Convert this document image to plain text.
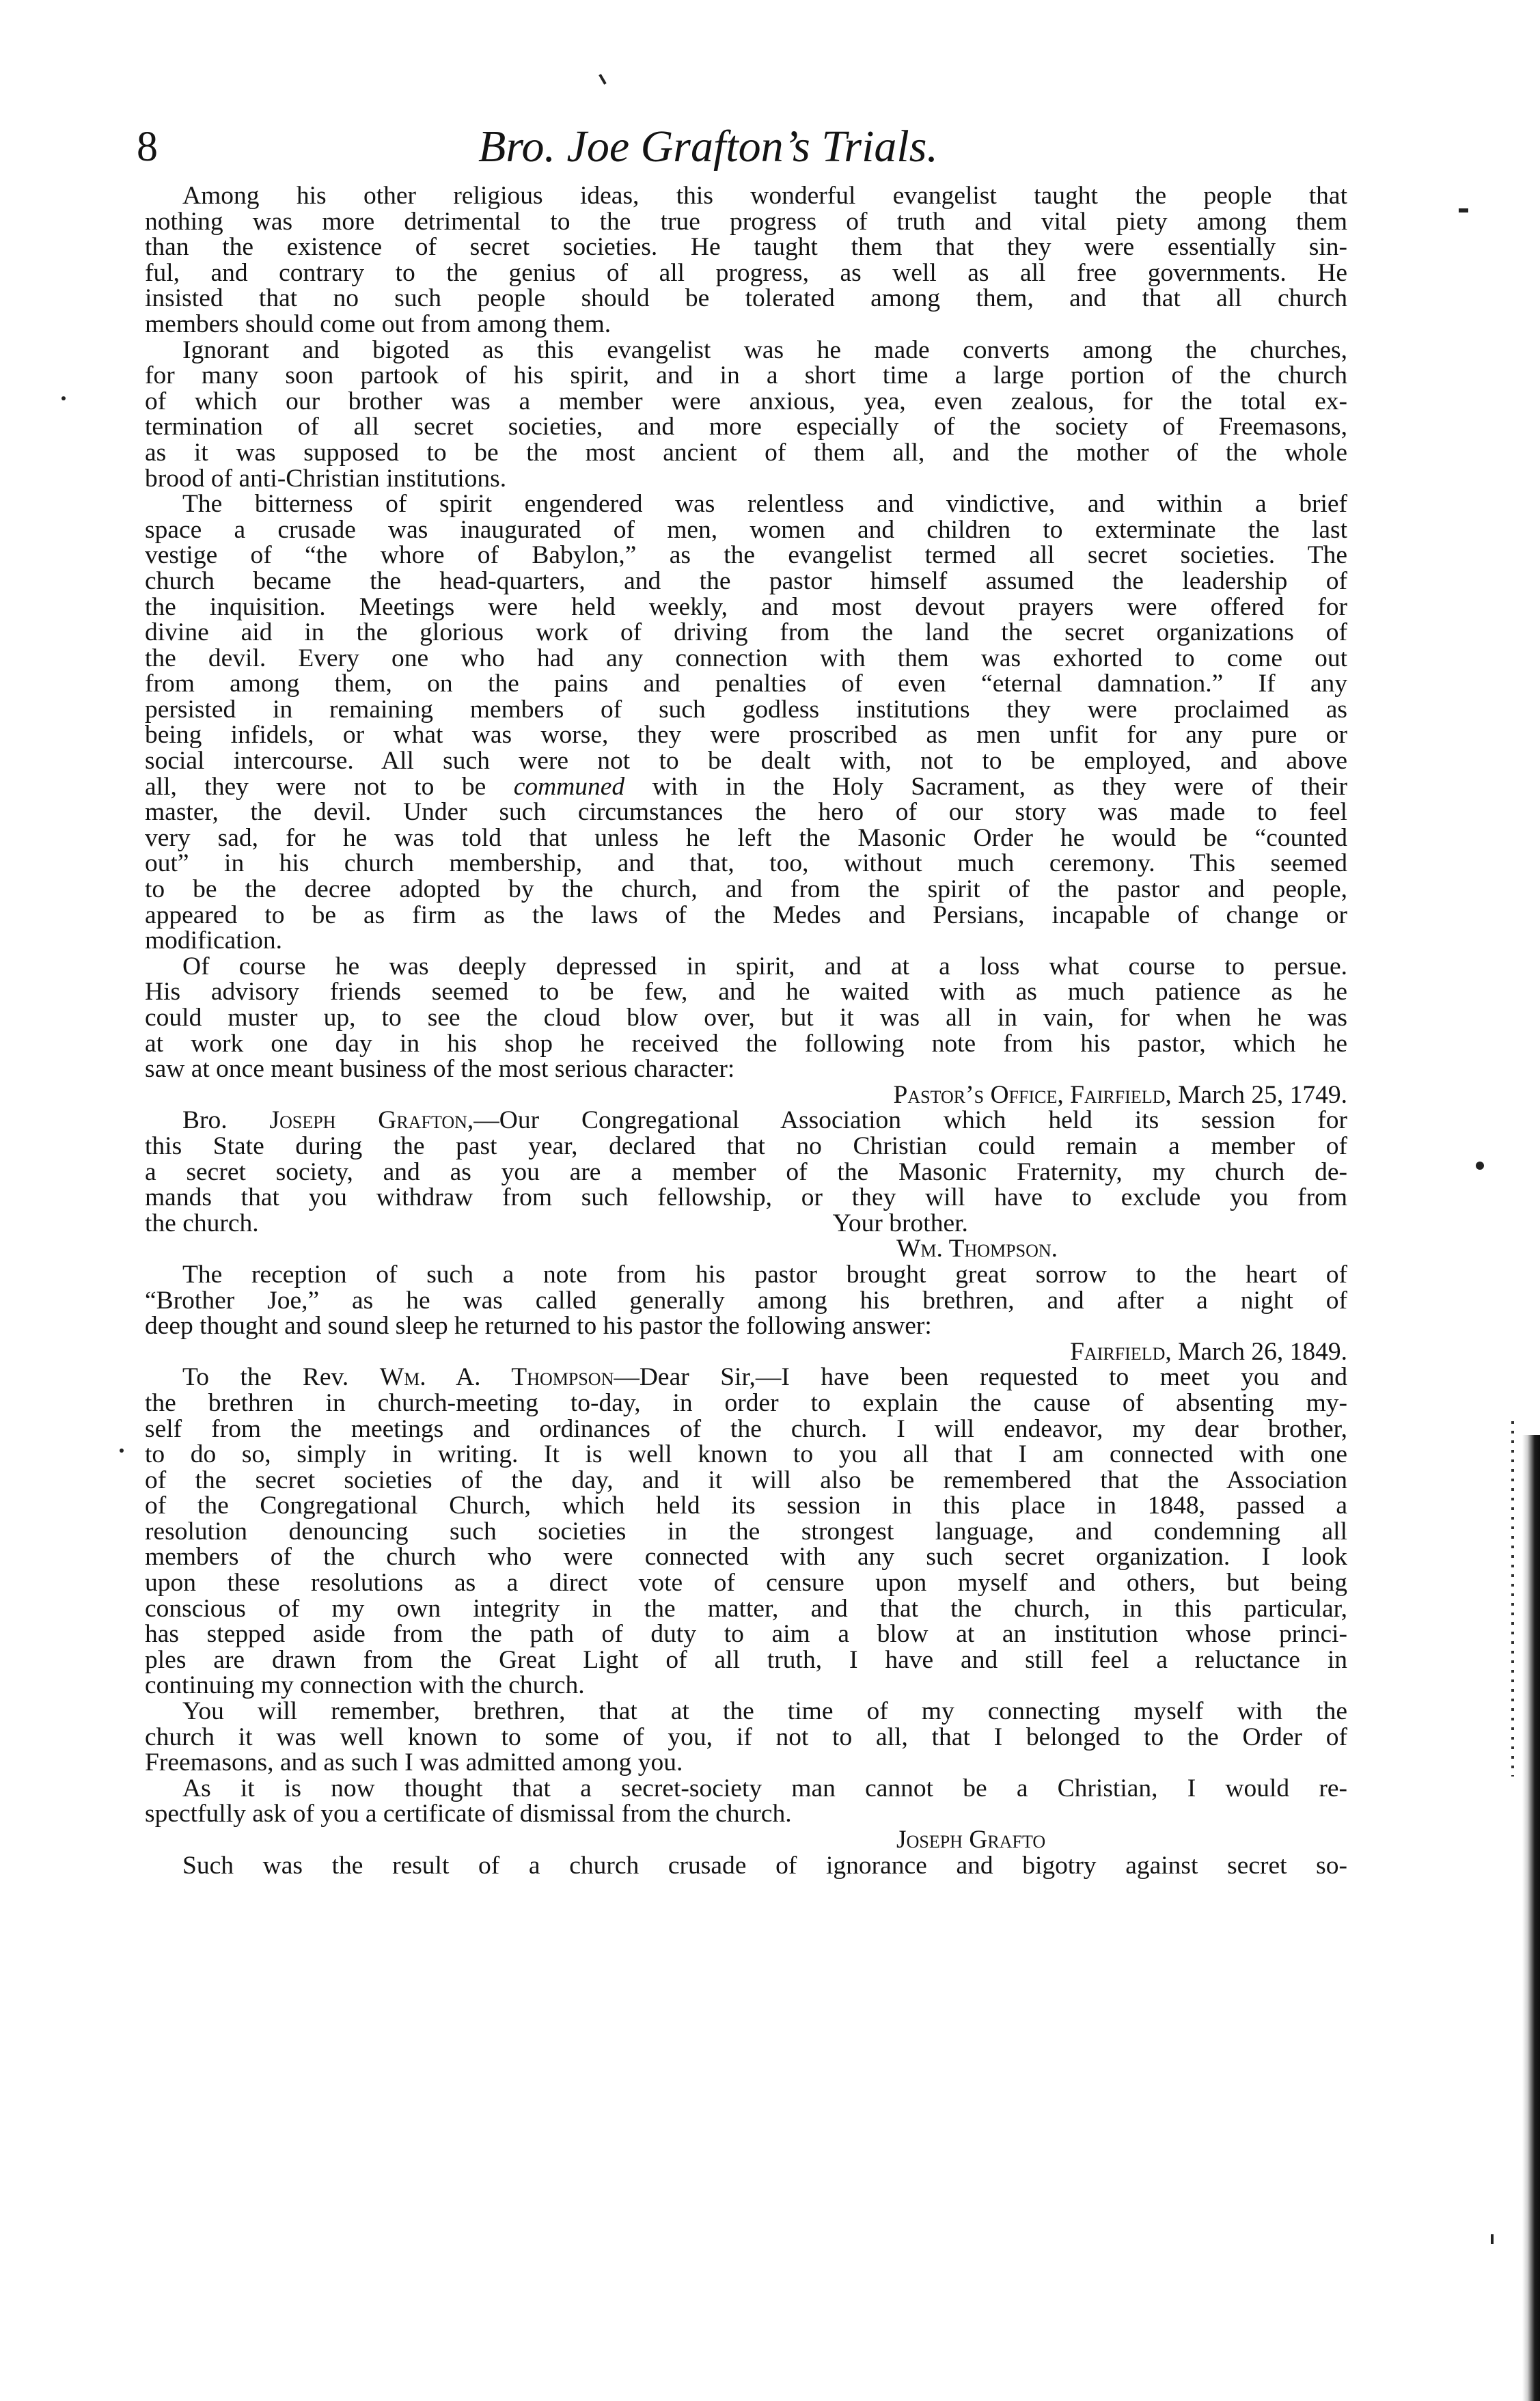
8	Bro. Joe Grafton’s Trials.
Among his other religious ideas, this wonderful evangelist taught the people that
nothing was more detrimental to the true progress of truth and vital piety among them
than the existence of secret societies. He taught them that they were essentially sin-
ful, and contrary to the genius of all progress, as well as all free governments. He
insisted that no such people should be tolerated among them, and that all church
members should come out from among them.
Ignorant and bigoted as this evangelist was he made converts among the churches,
for many soon partook of his spirit, and in a short time a large portion of the church
of which our brother was a member were anxious, yea, even zealous, for the total ex-
termination of all secret societies, and more especially of the society of Freemasons,
as it was supposed to be the most ancient of them all, and the mother of the whole
brood of anti-Christian institutions.
The bitterness of spirit engendered was relentless and vindictive, and within a brief
space a crusade was inaugurated of men, women and children to exterminate the last
vestige of “the whore of Babylon,” as the evangelist termed all secret societies. The
church became the head-quarters, and the pastor himself assumed the leadership of
the inquisition. Meetings were held weekly, and most devout prayers were offered for
divine aid in the glorious work of driving from the land the secret organizations of
the devil. Every one who had any connection with them was exhorted to come out
from among them, on the pains and penalties of even “eternal damnation.” If any
persisted in remaining members of such godless institutions they were proclaimed as
being infidels, or what was worse, they were proscribed as men unfit for any pure or
social intercourse. All such were not to be dealt with, not to be employed, and above
all, they were not to be communed with in the Holy Sacrament, as they were of their
master, the devil. Under such circumstances the hero of our story was made to feel
very sad, for he was told that unless he left the Masonic Order he would be “counted
out” in his church membership, and that, too, without much ceremony. This seemed
to be the decree adopted by the church, and from the spirit of the pastor and people,
appeared to be as firm as the laws of the Medes and Persians, incapable of change or
modification.
Of course he was deeply depressed in spirit, and at a loss what course to persue.
His advisory friends seemed to be few, and he waited with as much patience as he
could muster up, to see the cloud blow over, but it was all in vain, for when he was
at work one day in his shop he received the following note from his pastor, which he
saw at once meant business of the most serious character:
Pastor’s Office, Fairfield, March 25, 1749.
Bro. Joseph Grafton,—Our Congregational Association which held its session for
this State during the past year, declared that no Christian could remain a member of
a secret society, and as you are a member of the Masonic Fraternity, my church de-
mands that you withdraw from such fellowship, or they will have to exclude you from
the church.	Your brother.
Wm. Thompson.
The reception of such a note from his pastor brought great sorrow to the heart of
“Brother Joe,” as he was called generally among his brethren, and after a night of
deep thought and sound sleep he returned to his pastor the following answer:
Fairfield, March 26, 1849.
To the Rev. Wm. A. Thompson—Dear Sir,—I have been requested to meet you and
the brethren in church-meeting to-day, in order to explain the cause of absenting my-
self from the meetings and ordinances of the church. I will endeavor, my dear brother,
to do so, simply in writing. It is well known to you all that I am connected with one
of the secret societies of the day, and it will also be remembered that the Association
of the Congregational Church, which held its session in this place in 1848, passed a
resolution denouncing such societies in the strongest language, and condemning all
members of the church who were connected with any such secret organization. I look
upon these resolutions as a direct vote of censure upon myself and others, but being
conscious of my own integrity in the matter, and that the church, in this particular,
has stepped aside from the path of duty to aim a blow at an institution whose princi-
ples are drawn from the Great Light of all truth, I have and still feel a reluctance in
continuing my connection with the church.
You will remember, brethren, that at the time of my connecting myself with the
church it was well known to some of you, if not to all, that I belonged to the Order of
Freemasons, and as such I was admitted among you.
As it is now thought that a secret-society man cannot be a Christian, I would re-
spectfully ask of you a certificate of dismissal from the church.
Joseph Grafto
Such was the result of a church crusade of ignorance and bigotry against secret so-
